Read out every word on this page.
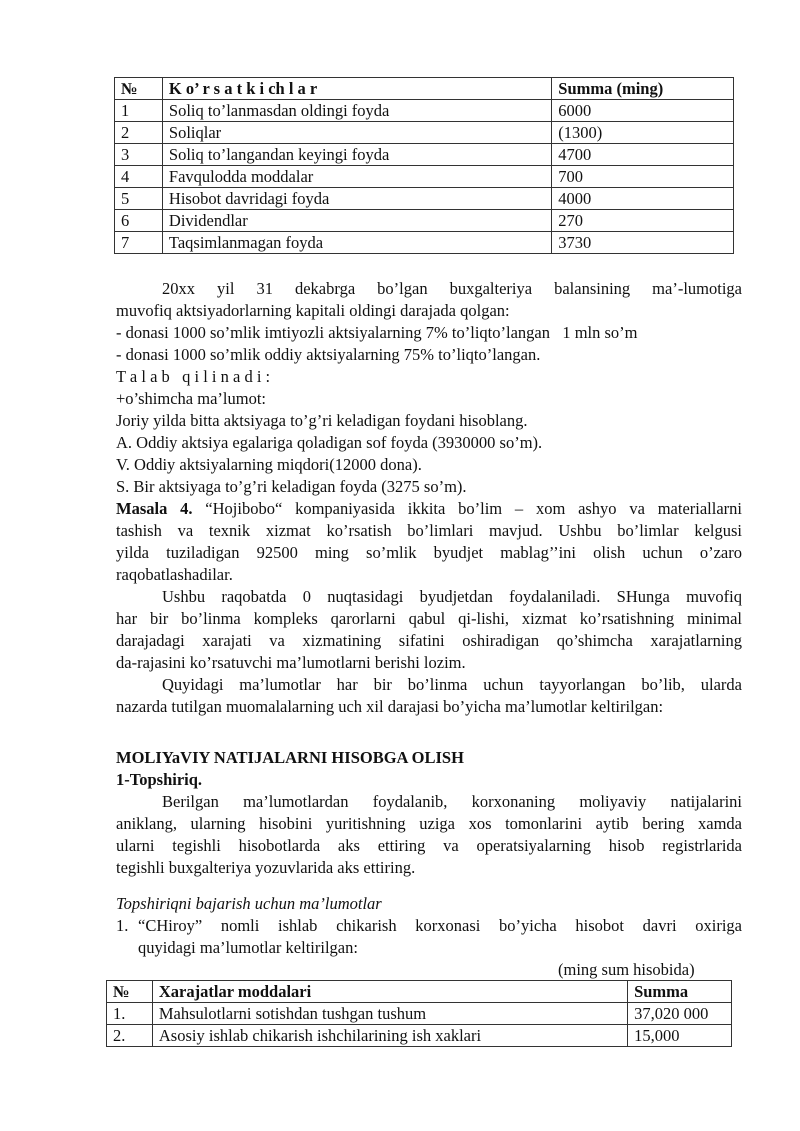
№	K o’ r s a t k i ch l a r	Summa (ming)
1	Soliq to’lanmasdan oldingi foyda	6000
2	Soliqlar	(1300)
3	Soliq to’langandan keyingi foyda	4700
4	Favqulodda moddalar	700
5	Hisobot davridagi foyda	4000
6	Dividendlar	270
7	Taqsimlanmagan foyda	3730
20xx yil 31 dekabrga bo’lgan buxgalteriya balansining ma’-lumotiga
muvofiq aktsiyadorlarning kapitali oldingi darajada qolgan:
- donasi 1000 so’mlik imtiyozli aktsiyalarning 7% to’liqto’langan   1 mln so’m
- donasi 1000 so’mlik oddiy aktsiyalarning 75% to’liqto’langan.
T a l a b   q i l i n a d i :
+o’shimcha ma’lumot:
Joriy yilda bitta aktsiyaga to’g’ri keladigan foydani hisoblang.
A. Oddiy aktsiya egalariga qoladigan sof foyda (3930000 so’m).
V. Oddiy aktsiyalarning miqdori(12000 dona).
S. Bir aktsiyaga to’g’ri keladigan foyda (3275 so’m).
Masala 4. “Hojibobo“ kompaniyasida ikkita bo’lim – xom ashyo va materiallarni
tashish va texnik xizmat ko’rsatish bo’limlari mavjud. Ushbu bo’limlar kelgusi
yilda tuziladigan 92500 ming so’mlik byudjet mablag’’ini olish uchun o’zaro
raqobatlashadilar.
Ushbu raqobatda 0 nuqtasidagi byudjetdan foydalaniladi. SHunga muvofiq
har bir bo’linma kompleks qarorlarni qabul qi-lishi, xizmat ko’rsatishning minimal
darajadagi xarajati va xizmatining sifatini oshiradigan qo’shimcha xarajatlarning
da-rajasini ko’rsatuvchi ma’lumotlarni berishi lozim.
Quyidagi ma’lumotlar har bir bo’linma uchun tayyorlangan bo’lib, ularda
nazarda tutilgan muomalalarning uch xil darajasi bo’yicha ma’lumotlar keltirilgan:
MOLIYaVIY NATIJALARNI HISOBGA OLISH
1-Topshiriq.
Berilgan ma’lumotlardan foydalanib, korxonaning moliyaviy natijalarini
aniklang, ularning hisobini yuritishning uziga xos tomonlarini aytib bering xamda
ularni tegishli hisobotlarda aks ettiring va operatsiyalarning hisob registrlarida
tegishli buxgalteriya yozuvlarida aks ettiring.
Topshiriqni bajarish uchun ma’lumotlar
1. “CHiroy” nomli ishlab chikarish korxonasi bo’yicha hisobot davri oxiriga
quyidagi ma’lumotlar keltirilgan:
(ming sum hisobida)
№	Xarajatlar moddalari	Summa
1.	Mahsulotlarni sotishdan tushgan tushum	37,020 000
2.	Asosiy ishlab chikarish ishchilarining ish xaklari	15,000
